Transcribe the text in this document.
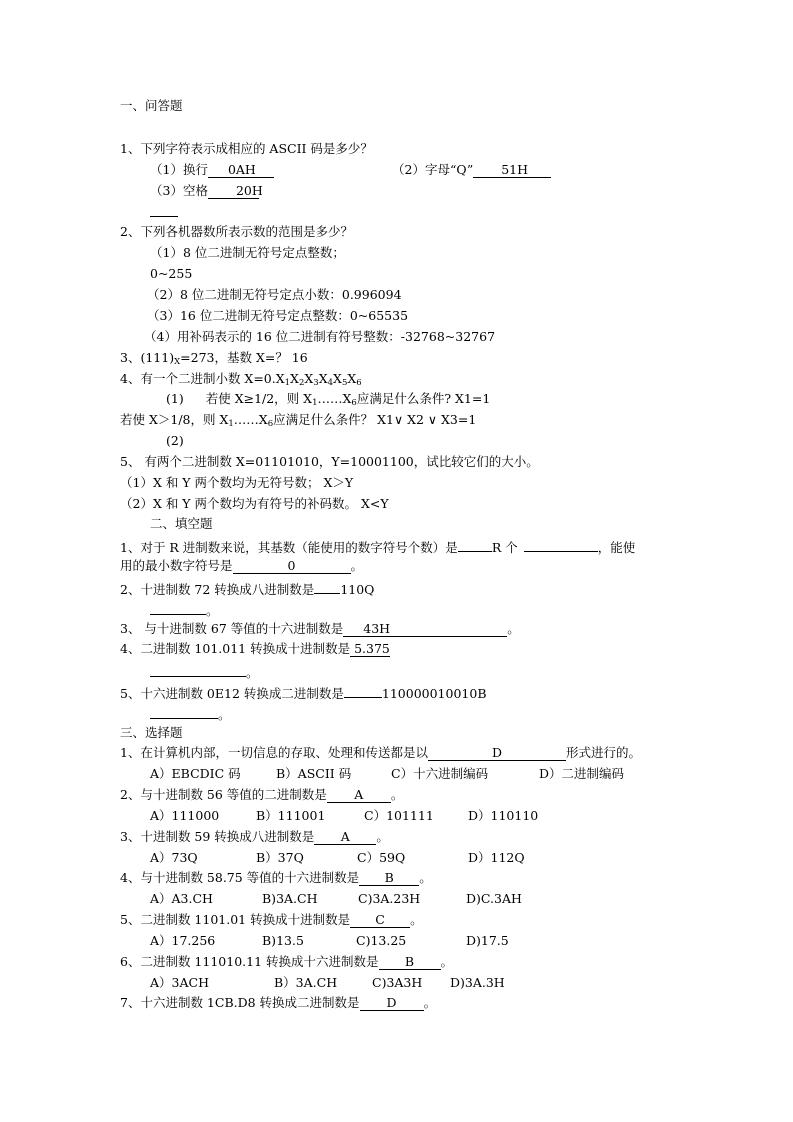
一、问答题
1、下列字符表示成相应的 ASCII 码是多少？
（1）换行 0AH	（2）字母“Q” 51H
（3）空格 20H
2、下列各机器数所表示数的范围是多少？
（1）8 位二进制无符号定点整数；
0~255
（2）8 位二进制无符号定点小数：0.996094
（3）16 位二进制无符号定点整数：0~65535
（4）用补码表示的 16 位二进制有符号整数：-32768~32767
3、$(111)_X=273$，基数 X=？ 16
4、有一个二进制小数 $X=0.X_1X_2X_3X_4X_5X_6$
(1) 若使 X≥1/2，则 $X_1\dots\dots X_6$应满足什么条件? X1=1
若使 X＞1/8，则 $X_1\dots\dots X_6$应满足什么条件？ X1∨ X2 ∨ X3=1
(2)
5、 有两个二进制数 X=01101010，Y=10001100，试比较它们的大小。
（1）X 和 Y 两个数均为无符号数； X＞Y
（2）X 和 Y 两个数均为有符号的补码数。 X<Y
二、填空题
1、对于 R 进制数来说，其基数（能使用的数字符号个数）是	R 个	，能使
用的最小数字符号是	0	。
2、十进制数 72 转换成八进制数是 110Q
。
3、 与十进制数 67 等值的十六进制数是 43H	。
4、二进制数 101.011 转换成十进制数是 5.375
。
5、十六进制数 0E12 转换成二进制数是	110000010010B
。
三、选择题
1、在计算机内部，一切信息的存取、处理和传送都是以	D	形式进行的。
A）EBCDIC 码	B）ASCII 码	C）十六进制编码	D）二进制编码
2、与十进制数 56 等值的二进制数是 A 。
A）111000	B）111001	C）101111	D）110110
3、十进制数 59 转换成八进制数是 A 。
A）73Q	B）37Q	C）59Q	D）112Q
4、与十进制数 58.75 等值的十六进制数是 B 。
A）A3.CH	B)3A.CH	C)3A.23H	D)C.3AH
5、二进制数 1101.01 转换成十进制数是 C 。
A）17.256	B)13.5	C)13.25	D)17.5
6、二进制数 111010.11 转换成十六进制数是 B 。
A）3ACH	B）3A.CH	C)3A3H D)3A.3H
7、十六进制数 1CB.D8 转换成二进制数是 D 。
